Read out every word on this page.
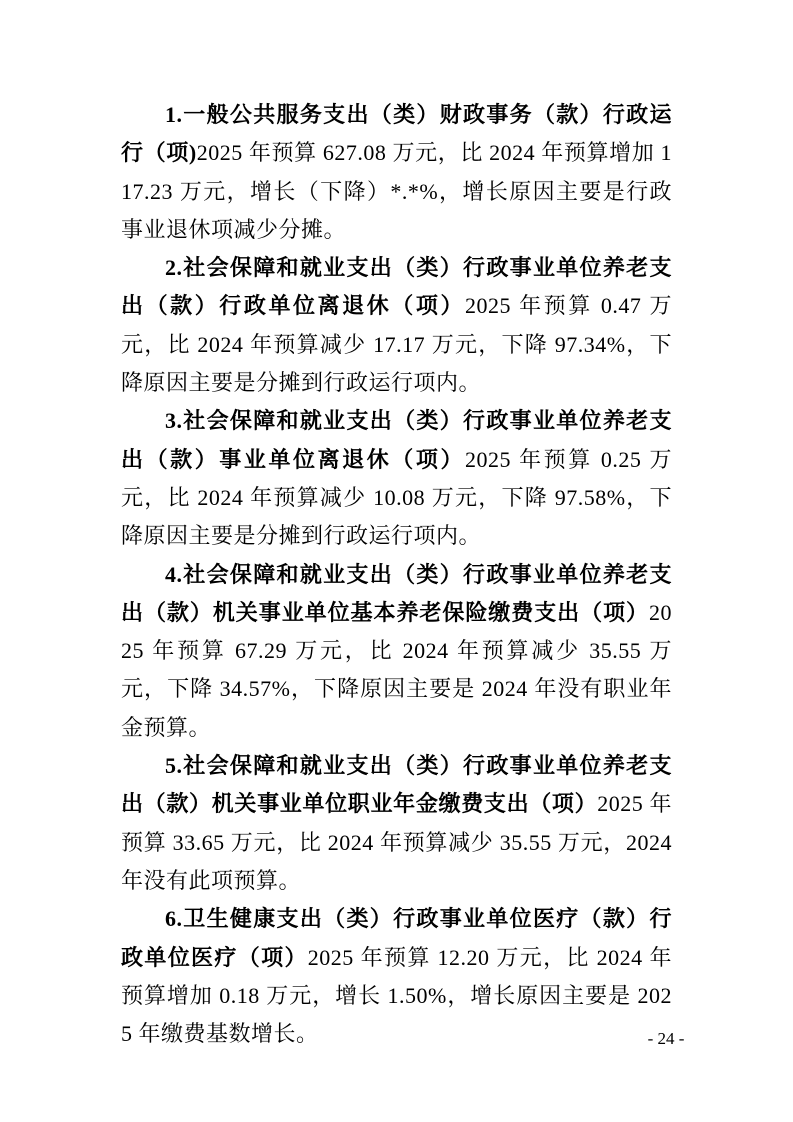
1.一般公共服务支出（类）财政事务（款）行政运行（项)2025 年预算 627.08 万元，比 2024 年预算增加 117.23 万元，增长（下降）*.*%，增长原因主要是行政事业退休项减少分摊。

2.社会保障和就业支出（类）行政事业单位养老支出（款）行政单位离退休（项）2025 年预算 0.47 万元，比 2024 年预算减少 17.17 万元，下降 97.34%，下降原因主要是分摊到行政运行项内。

3.社会保障和就业支出（类）行政事业单位养老支出（款）事业单位离退休（项）2025 年预算 0.25 万元，比 2024 年预算减少 10.08 万元，下降 97.58%，下降原因主要是分摊到行政运行项内。

4.社会保障和就业支出（类）行政事业单位养老支出（款）机关事业单位基本养老保险缴费支出（项）2025 年预算 67.29 万元，比 2024 年预算减少 35.55 万元，下降 34.57%，下降原因主要是 2024 年没有职业年金预算。

5.社会保障和就业支出（类）行政事业单位养老支出（款）机关事业单位职业年金缴费支出（项）2025 年预算 33.65 万元，比 2024 年预算减少 35.55 万元，2024 年没有此项预算。

6.卫生健康支出（类）行政事业单位医疗（款）行政单位医疗（项）2025 年预算 12.20 万元，比 2024 年预算增加 0.18 万元，增长 1.50%，增长原因主要是 2025 年缴费基数增长。	- 24 -
